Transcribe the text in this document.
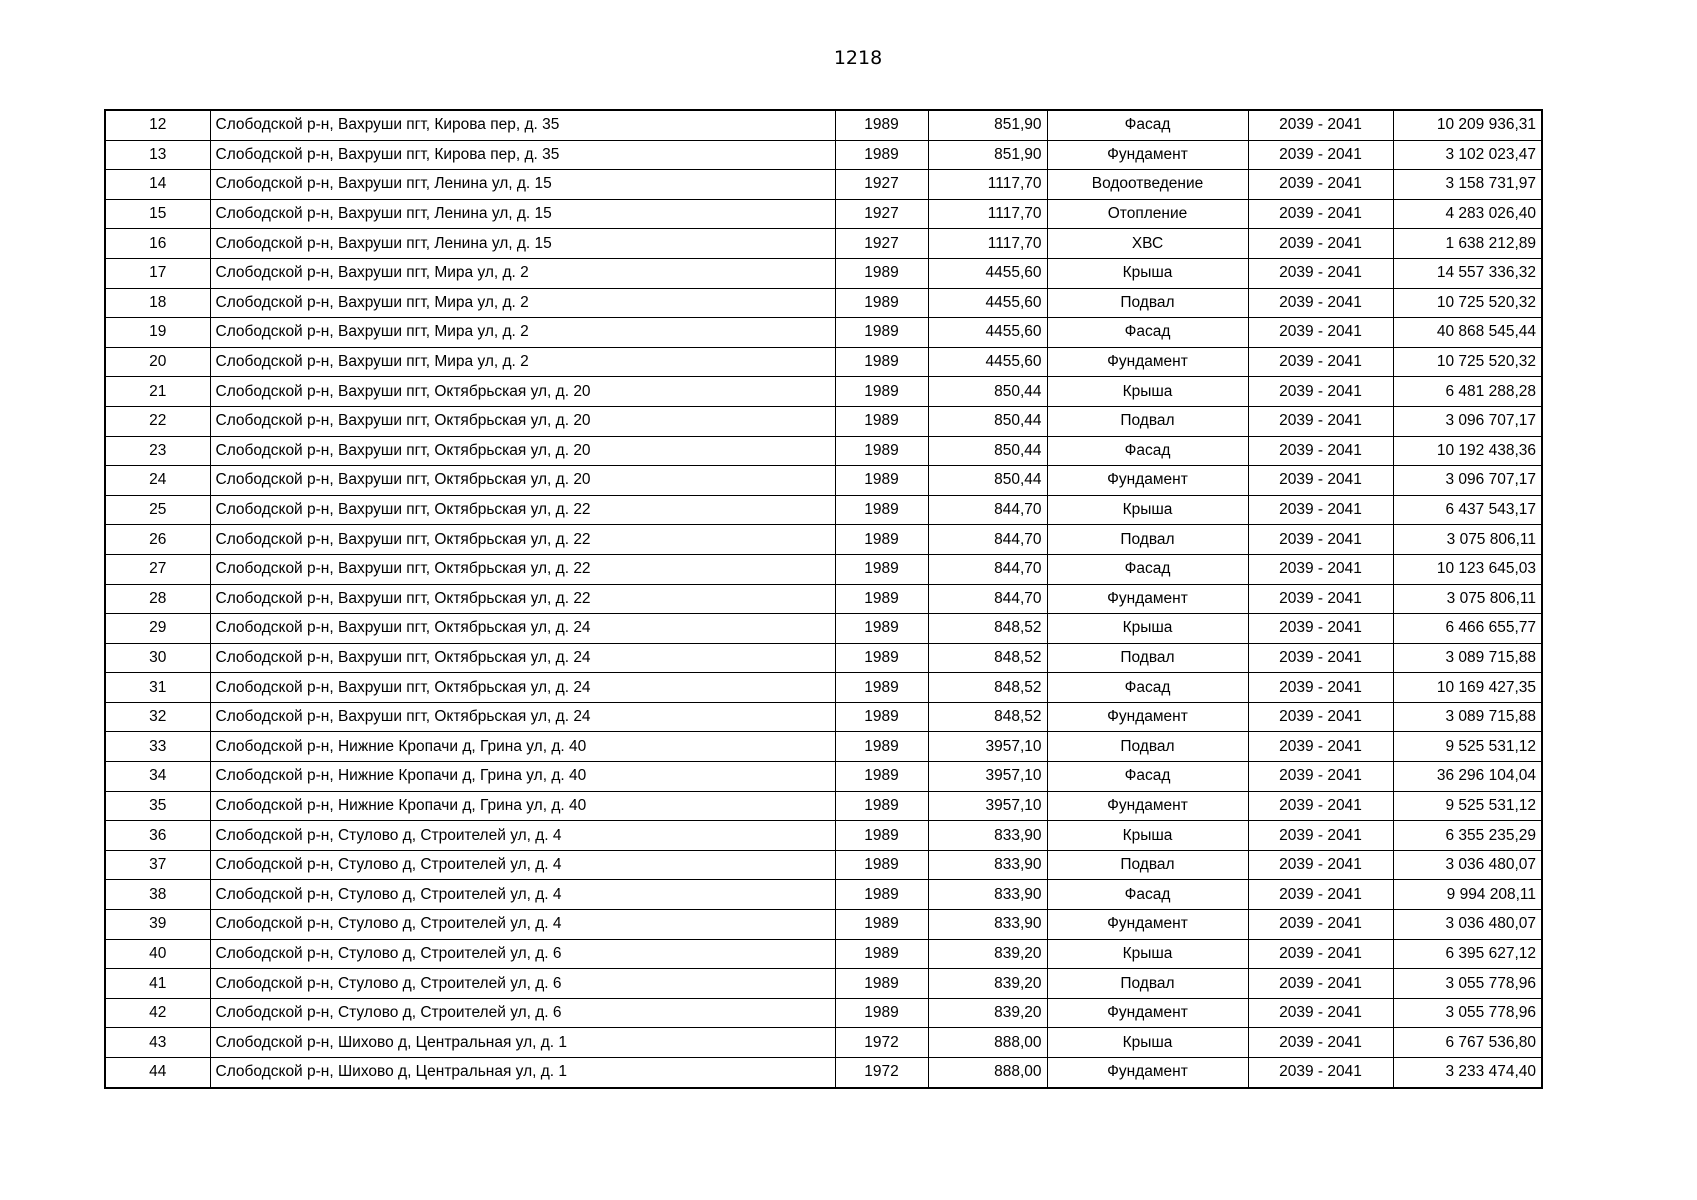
1218
12	Слободской р-н, Вахруши пгт, Кирова пер, д. 35	1989	851,90	Фасад	2039 - 2041	10 209 936,31
13	Слободской р-н, Вахруши пгт, Кирова пер, д. 35	1989	851,90	Фундамент	2039 - 2041	3 102 023,47
14	Слободской р-н, Вахруши пгт, Ленина ул, д. 15	1927	1117,70	Водоотведение	2039 - 2041	3 158 731,97
15	Слободской р-н, Вахруши пгт, Ленина ул, д. 15	1927	1117,70	Отопление	2039 - 2041	4 283 026,40
16	Слободской р-н, Вахруши пгт, Ленина ул, д. 15	1927	1117,70	ХВС	2039 - 2041	1 638 212,89
17	Слободской р-н, Вахруши пгт, Мира ул, д. 2	1989	4455,60	Крыша	2039 - 2041	14 557 336,32
18	Слободской р-н, Вахруши пгт, Мира ул, д. 2	1989	4455,60	Подвал	2039 - 2041	10 725 520,32
19	Слободской р-н, Вахруши пгт, Мира ул, д. 2	1989	4455,60	Фасад	2039 - 2041	40 868 545,44
20	Слободской р-н, Вахруши пгт, Мира ул, д. 2	1989	4455,60	Фундамент	2039 - 2041	10 725 520,32
21	Слободской р-н, Вахруши пгт, Октябрьская ул, д. 20	1989	850,44	Крыша	2039 - 2041	6 481 288,28
22	Слободской р-н, Вахруши пгт, Октябрьская ул, д. 20	1989	850,44	Подвал	2039 - 2041	3 096 707,17
23	Слободской р-н, Вахруши пгт, Октябрьская ул, д. 20	1989	850,44	Фасад	2039 - 2041	10 192 438,36
24	Слободской р-н, Вахруши пгт, Октябрьская ул, д. 20	1989	850,44	Фундамент	2039 - 2041	3 096 707,17
25	Слободской р-н, Вахруши пгт, Октябрьская ул, д. 22	1989	844,70	Крыша	2039 - 2041	6 437 543,17
26	Слободской р-н, Вахруши пгт, Октябрьская ул, д. 22	1989	844,70	Подвал	2039 - 2041	3 075 806,11
27	Слободской р-н, Вахруши пгт, Октябрьская ул, д. 22	1989	844,70	Фасад	2039 - 2041	10 123 645,03
28	Слободской р-н, Вахруши пгт, Октябрьская ул, д. 22	1989	844,70	Фундамент	2039 - 2041	3 075 806,11
29	Слободской р-н, Вахруши пгт, Октябрьская ул, д. 24	1989	848,52	Крыша	2039 - 2041	6 466 655,77
30	Слободской р-н, Вахруши пгт, Октябрьская ул, д. 24	1989	848,52	Подвал	2039 - 2041	3 089 715,88
31	Слободской р-н, Вахруши пгт, Октябрьская ул, д. 24	1989	848,52	Фасад	2039 - 2041	10 169 427,35
32	Слободской р-н, Вахруши пгт, Октябрьская ул, д. 24	1989	848,52	Фундамент	2039 - 2041	3 089 715,88
33	Слободской р-н, Нижние Кропачи д, Грина ул, д. 40	1989	3957,10	Подвал	2039 - 2041	9 525 531,12
34	Слободской р-н, Нижние Кропачи д, Грина ул, д. 40	1989	3957,10	Фасад	2039 - 2041	36 296 104,04
35	Слободской р-н, Нижние Кропачи д, Грина ул, д. 40	1989	3957,10	Фундамент	2039 - 2041	9 525 531,12
36	Слободской р-н, Стулово д, Строителей ул, д. 4	1989	833,90	Крыша	2039 - 2041	6 355 235,29
37	Слободской р-н, Стулово д, Строителей ул, д. 4	1989	833,90	Подвал	2039 - 2041	3 036 480,07
38	Слободской р-н, Стулово д, Строителей ул, д. 4	1989	833,90	Фасад	2039 - 2041	9 994 208,11
39	Слободской р-н, Стулово д, Строителей ул, д. 4	1989	833,90	Фундамент	2039 - 2041	3 036 480,07
40	Слободской р-н, Стулово д, Строителей ул, д. 6	1989	839,20	Крыша	2039 - 2041	6 395 627,12
41	Слободской р-н, Стулово д, Строителей ул, д. 6	1989	839,20	Подвал	2039 - 2041	3 055 778,96
42	Слободской р-н, Стулово д, Строителей ул, д. 6	1989	839,20	Фундамент	2039 - 2041	3 055 778,96
43	Слободской р-н, Шихово д, Центральная ул, д. 1	1972	888,00	Крыша	2039 - 2041	6 767 536,80
44	Слободской р-н, Шихово д, Центральная ул, д. 1	1972	888,00	Фундамент	2039 - 2041	3 233 474,40
